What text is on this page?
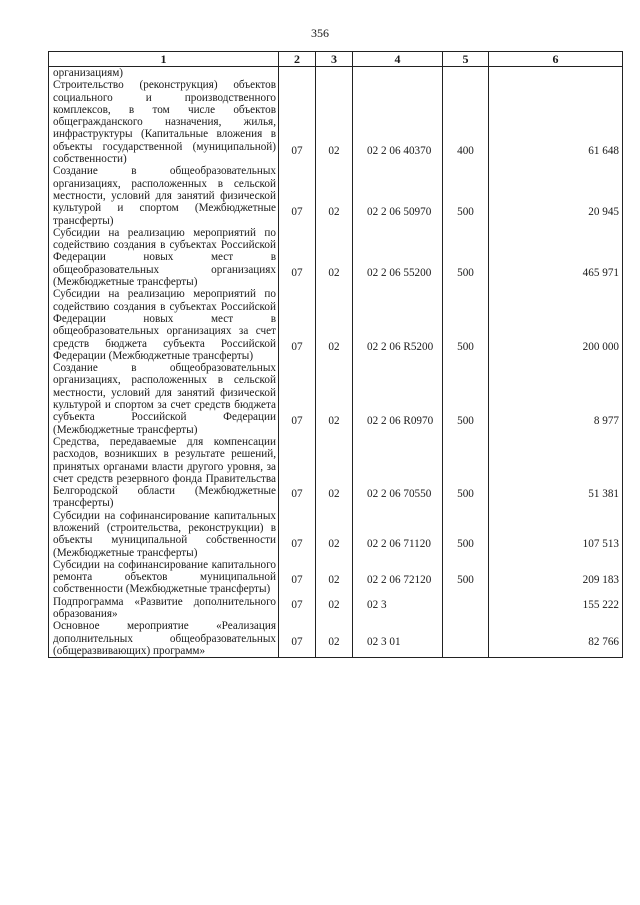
356
1	2	3	4	5	6
организациям)					
Строительство (реконструкция) объектов социального и производственного комплексов, в том числе объектов общегражданского назначения, жилья, инфраструктуры (Капитальные вложения в объекты государственной (муниципальной) собственности)	07	02	02 2 06 40370	400	61 648
Создание в общеобразовательных организациях, расположенных в сельской местности, условий для занятий физической культурой и спортом (Межбюджетные трансферты)	07	02	02 2 06 50970	500	20 945
Субсидии на реализацию мероприятий по содействию создания в субъектах Российской Федерации новых мест в общеобразовательных организациях (Межбюджетные трансферты)	07	02	02 2 06 55200	500	465 971
Субсидии на реализацию мероприятий по содействию создания в субъектах Российской Федерации новых мест в общеобразовательных организациях за счет средств бюджета субъекта Российской Федерации (Межбюджетные трансферты)	07	02	02 2 06 R5200	500	200 000
Создание в общеобразовательных организациях, расположенных в сельской местности, условий для занятий физической культурой и спортом за счет средств бюджета субъекта Российской Федерации (Межбюджетные трансферты)	07	02	02 2 06 R0970	500	8 977
Средства, передаваемые для компенсации расходов, возникших в результате решений, принятых органами власти другого уровня, за счет средств резервного фонда Правительства Белгородской области (Межбюджетные трансферты)	07	02	02 2 06 70550	500	51 381
Субсидии на софинансирование капитальных вложений (строительства, реконструкции) в объекты муниципальной собственности (Межбюджетные трансферты)	07	02	02 2 06 71120	500	107 513
Субсидии на софинансирование капитального ремонта объектов муниципальной собственности (Межбюджетные трансферты)	07	02	02 2 06 72120	500	209 183
Подпрограмма «Развитие дополнительного образования»	07	02	02 3		155 222
Основное мероприятие «Реализация дополнительных общеобразовательных (общеразвивающих) программ»	07	02	02 3 01		82 766
